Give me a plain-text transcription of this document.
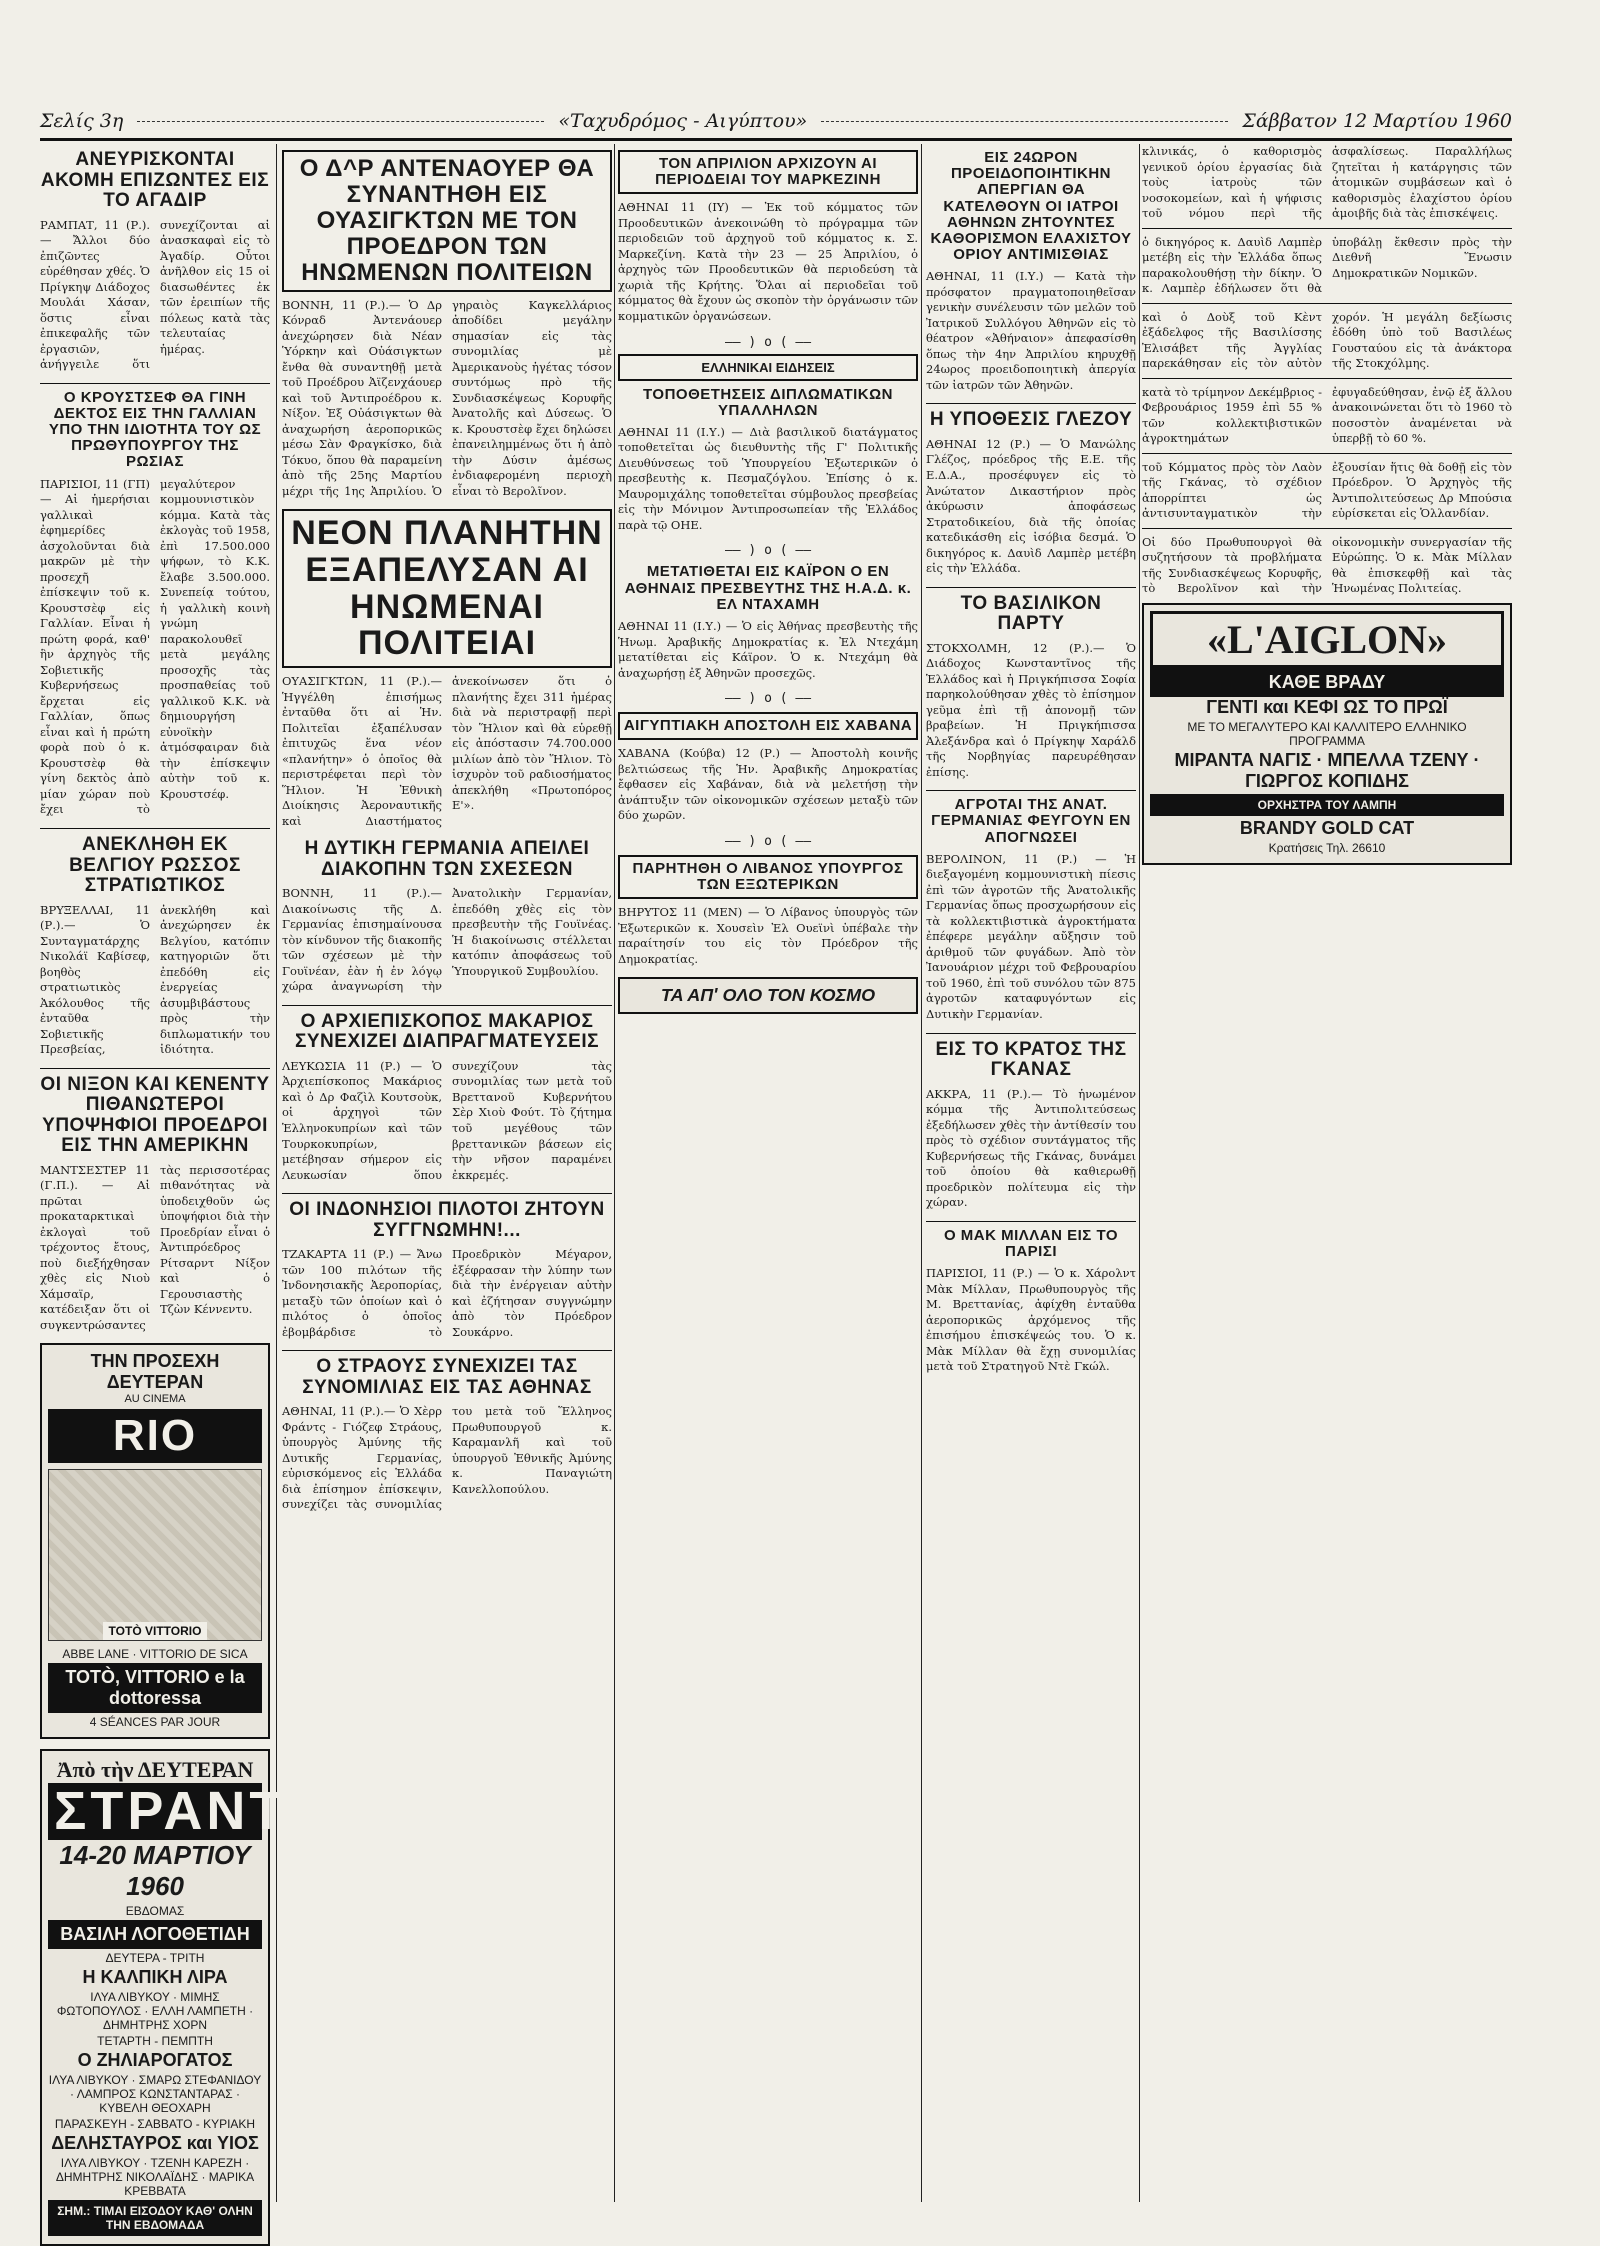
Σελίς 3η	«Ταχυδρόμος - Αιγύπτου»	Σάββατον 12 Μαρτίου 1960
ΑΝΕΥΡΙΣΚΟΝΤΑΙ ΑΚΟΜΗ ΕΠΙΖΩΝΤΕΣ ΕΙΣ ΤΟ ΑΓΑΔΙΡ

ΡΑΜΠΑΤ, 11 (Ρ.).— Ἄλλοι δύο ἐπιζῶντες εὑρέθησαν χθές. Ὁ Πρίγκηψ Διάδοχος Μουλάι Χάσαν, ὅστις εἶναι ἐπικεφαλῆς τῶν ἐργασιῶν, ἀνήγγειλε ὅτι συνεχίζονται αἱ ἀνασκαφαὶ εἰς τὸ Ἀγαδίρ. Οὗτοι ἀνῆλθον εἰς 15 οἱ διασωθέντες ἐκ τῶν ἐρειπίων τῆς πόλεως κατὰ τὰς τελευταίας ἡμέρας.

Ο ΚΡΟΥΣΤΣΕΦ ΘΑ ΓΙΝΗ ΔΕΚΤΟΣ ΕΙΣ ΤΗΝ ΓΑΛΛΙΑΝ ΥΠΟ ΤΗΝ ΙΔΙΟΤΗΤΑ ΤΟΥ ΩΣ ΠΡΩΘΥΠΟΥΡΓΟΥ ΤΗΣ ΡΩΣΙΑΣ

ΠΑΡΙΣΙΟΙ, 11 (ΓΠ) — Αἱ ἡμερήσιαι γαλλικαὶ ἐφημερίδες ἀσχολοῦνται διὰ μακρῶν μὲ τὴν προσεχῆ ἐπίσκεψιν τοῦ κ. Κρουστσὲφ εἰς Γαλλίαν. Εἶναι ἡ πρώτη φορά, καθ' ἣν ἀρχηγὸς τῆς Σοβιετικῆς Κυβερνήσεως ἔρχεται εἰς Γαλλίαν, ὅπως εἶναι καὶ ἡ πρώτη φορὰ ποὺ ὁ κ. Κρουστσὲφ θὰ γίνη δεκτὸς ἀπὸ μίαν χώραν ποὺ ἔχει τὸ μεγαλύτερον κομμουνιστικὸν κόμμα. Κατὰ τὰς ἐκλογὰς τοῦ 1958, ἐπὶ 17.500.000 ψήφων, τὸ Κ.Κ. ἔλαβε 3.500.000. Συνεπείᾳ τούτου, ἡ γαλλικὴ κοινὴ γνώμη παρακολουθεῖ μετὰ μεγάλης προσοχῆς τὰς προσπαθείας τοῦ γαλλικοῦ Κ.Κ. νὰ δημιουργήση εὐνοϊκὴν ἀτμόσφαιραν διὰ τὴν ἐπίσκεψιν αὐτὴν τοῦ κ. Κρουστσέφ.

ΑΝΕΚΛΗΘΗ ΕΚ ΒΕΛΓΙΟΥ ΡΩΣΣΟΣ ΣΤΡΑΤΙΩΤΙΚΟΣ

ΒΡΥΞΕΛΛΑΙ, 11 (Ρ.).— Ὁ Συνταγματάρχης Νικολάϊ Καβίσεφ, βοηθὸς στρατιωτικὸς Ἀκόλουθος τῆς ἐνταῦθα Σοβιετικῆς Πρεσβείας, ἀνεκλήθη καὶ ἀνεχώρησεν ἐκ Βελγίου, κατόπιν κατηγοριῶν ὅτι ἐπεδόθη εἰς ἐνεργείας ἀσυμβιβάστους πρὸς τὴν διπλωματικήν του ἰδιότητα.

ΟΙ ΝΙΞΟΝ ΚΑΙ ΚΕΝΕΝΤΥ ΠΙΘΑΝΩΤΕΡΟΙ ΥΠΟΨΗΦΙΟΙ ΠΡΟΕΔΡΟΙ ΕΙΣ ΤΗΝ ΑΜΕΡΙΚΗΝ

ΜΑΝΤΣΕΣΤΕΡ 11 (Γ.Π.). — Αἱ πρῶται προκαταρκτικαὶ ἐκλογαὶ τοῦ τρέχοντος ἔτους, ποὺ διεξήχθησαν χθὲς εἰς Νιοὺ Χάμσαϊρ, κατέδειξαν ὅτι οἱ συγκεντρώσαντες τὰς περισσοτέρας πιθανότητας νὰ ὑποδειχθοῦν ὡς ὑποψήφιοι διὰ τὴν Προεδρίαν εἶναι ὁ Ἀντιπρόεδρος Ρίτσαρντ Νίξον καὶ ὁ Γερουσιαστὴς Τζὼν Κέννεντυ.

ΤΗΝ ΠΡΟΣΕΧΗ ΔΕΥΤΕΡΑΝ
AU CINEMA
RIO
TOTÒ VITTORIO
ABBE LANE · VITTORIO DE SICA
TOTÒ, VITTORIO e la dottoressa
4 SÉANCES PAR JOUR
Ἀπὸ τὴν ΔΕΥΤΕΡΑΝ
ΣΤΡΑΝΤ
14-20 ΜΑΡΤΙΟΥ 1960
ΕΒΔΟΜΑΣ
ΒΑΣΙΛΗ ΛΟΓΟΘΕΤΙΔΗ
ΔΕΥΤΕΡΑ - ΤΡΙΤΗ
Η ΚΑΛΠΙΚΗ ΛΙΡΑ
ΙΛΥΑ ΛΙΒΥΚΟΥ · ΜΙΜΗΣ ΦΩΤΟΠΟΥΛΟΣ · ΕΛΛΗ ΛΑΜΠΕΤΗ · ΔΗΜΗΤΡΗΣ ΧΟΡΝ
ΤΕΤΑΡΤΗ - ΠΕΜΠΤΗ
Ο ΖΗΛΙΑΡΟΓΑΤΟΣ
ΙΛΥΑ ΛΙΒΥΚΟΥ · ΣΜΑΡΩ ΣΤΕΦΑΝΙΔΟΥ · ΛΑΜΠΡΟΣ ΚΩΝΣΤΑΝΤΑΡΑΣ · ΚΥΒΕΛΗ ΘΕΟΧΑΡΗ
ΠΑΡΑΣΚΕΥΗ - ΣΑΒΒΑΤΟ - ΚΥΡΙΑΚΗ
ΔΕΛΗΣΤΑΥΡΟΣ και ΥΙΟΣ
ΙΛΥΑ ΛΙΒΥΚΟΥ · ΤΖΕΝΗ ΚΑΡΕΖΗ · ΔΗΜΗΤΡΗΣ ΝΙΚΟΛΑΪΔΗΣ · ΜΑΡΙΚΑ ΚΡΕΒΒΑΤΑ
ΣΗΜ.: ΤΙΜΑΙ ΕΙΣΟΔΟΥ ΚΑΘ' ΟΛΗΝ ΤΗΝ ΕΒΔΟΜΑΔΑ
Ο Δ^Ρ ΑΝΤΕΝΑΟΥΕΡ ΘΑ ΣΥΝΑΝΤΗΘΗ ΕΙΣ ΟΥΑΣΙΓΚΤΩΝ ΜΕ ΤΟΝ ΠΡΟΕΔΡΟΝ ΤΩΝ ΗΝΩΜΕΝΩΝ ΠΟΛΙΤΕΙΩΝ

ΒΟΝΝΗ, 11 (Ρ.).— Ὁ Δρ Κόνραδ Ἀντενάουερ ἀνεχώρησεν διὰ Νέαν Ὑόρκην καὶ Οὐάσιγκτων ἔνθα θὰ συναντηθῇ μετὰ τοῦ Προέδρου Ἀϊζενχάουερ καὶ τοῦ Ἀντιπροέδρου κ. Νίξον. Ἐξ Οὐάσιγκτων θὰ ἀναχωρήση ἀεροπορικῶς μέσω Σὰν Φραγκίσκο, διὰ Τόκυο, ὅπου θὰ παραμείνη ἀπὸ τῆς 25ης Μαρτίου μέχρι τῆς 1ης Ἀπριλίου. Ὁ γηραιὸς Καγκελλάριος ἀποδίδει μεγάλην σημασίαν εἰς τὰς συνομιλίας μὲ Ἀμερικανοὺς ἡγέτας τόσον συντόμως πρὸ τῆς Συνδιασκέψεως Κορυφῆς Ἀνατολῆς καὶ Δύσεως. Ὁ κ. Κρουστσὲφ ἔχει δηλώσει ἐπανειλημμένως ὅτι ἡ ἀπὸ τὴν Δύσιν ἀμέσως ἐνδιαφερομένη περιοχὴ εἶναι τὸ Βερολῖνον.

ΝΕΟΝ ΠΛΑΝΗΤΗΝ ΕΞΑΠΕΛΥΣΑΝ ΑΙ ΗΝΩΜΕΝΑΙ ΠΟΛΙΤΕΙΑΙ

ΟΥΑΣΙΓΚΤΩΝ, 11 (Ρ.).— Ἡγγέλθη ἐπισήμως ἐνταῦθα ὅτι αἱ Ἡν. Πολιτεῖαι ἐξαπέλυσαν ἐπιτυχῶς ἕνα νέον «πλανήτην» ὁ ὁποῖος θὰ περιστρέφεται περὶ τὸν Ἥλιον. Ἡ Ἐθνικὴ Διοίκησις Ἀεροναυτικῆς καὶ Διαστήματος ἀνεκοίνωσεν ὅτι ὁ πλανήτης ἔχει 311 ἡμέρας διὰ νὰ περιστραφῇ περὶ τὸν Ἥλιον καὶ θὰ εὑρεθῇ εἰς ἀπόστασιν 74.700.000 μιλίων ἀπὸ τὸν Ἥλιον. Τὸ ἰσχυρὸν τοῦ ραδιοσήματος ἀπεκλήθη «Πρωτοπόρος Ε'».

Η ΔΥΤΙΚΗ ΓΕΡΜΑΝΙΑ ΑΠΕΙΛΕΙ ΔΙΑΚΟΠΗΝ ΤΩΝ ΣΧΕΣΕΩΝ

ΒΟΝΝΗ, 11 (Ρ.).— Διακοίνωσις τῆς Δ. Γερμανίας ἐπισημαίνουσα τὸν κίνδυνον τῆς διακοπῆς τῶν σχέσεων μὲ τὴν Γουϊνέαν, ἐὰν ἡ ἐν λόγῳ χώρα ἀναγνωρίση τὴν Ἀνατολικὴν Γερμανίαν, ἐπεδόθη χθὲς εἰς τὸν πρεσβευτὴν τῆς Γουϊνέας. Ἡ διακοίνωσις στέλλεται κατόπιν ἀποφάσεως τοῦ Ὑπουργικοῦ Συμβουλίου.

Ο ΑΡΧΙΕΠΙΣΚΟΠΟΣ ΜΑΚΑΡΙΟΣ ΣΥΝΕΧΙΖΕΙ ΔΙΑΠΡΑΓΜΑΤΕΥΣΕΙΣ

ΛΕΥΚΩΣΙΑ 11 (Ρ.) — Ὁ Ἀρχιεπίσκοπος Μακάριος καὶ ὁ Δρ Φαζὶλ Κουτσοὺκ, οἱ ἀρχηγοὶ τῶν Ἑλληνοκυπρίων καὶ τῶν Τουρκοκυπρίων, μετέβησαν σήμερον εἰς Λευκωσίαν ὅπου συνεχίζουν τὰς συνομιλίας των μετὰ τοῦ Βρεττανοῦ Κυβερνήτου Σὲρ Χιοὺ Φούτ. Τὸ ζήτημα τοῦ μεγέθους τῶν βρεττανικῶν βάσεων εἰς τὴν νῆσον παραμένει ἐκκρεμές.

ΟΙ ΙΝΔΟΝΗΣΙΟΙ ΠΙΛΟΤΟΙ ΖΗΤΟΥΝ ΣΥΓΓΝΩΜΗΝ!...

ΤΖΑΚΑΡΤΑ 11 (Ρ.) — Ἄνω τῶν 100 πιλότων τῆς Ἰνδονησιακῆς Ἀεροπορίας, μεταξὺ τῶν ὁποίων καὶ ὁ πιλότος ὁ ὁποῖος ἐβομβάρδισε τὸ Προεδρικὸν Μέγαρον, ἐξέφρασαν τὴν λύπην των διὰ τὴν ἐνέργειαν αὐτὴν καὶ ἐζήτησαν συγγνώμην ἀπὸ τὸν Πρόεδρον Σουκάρνο.

Ο ΣΤΡΑΟΥΣ ΣΥΝΕΧΙΖΕΙ ΤΑΣ ΣΥΝΟΜΙΛΙΑΣ ΕΙΣ ΤΑΣ ΑΘΗΝΑΣ

ΑΘΗΝΑΙ, 11 (Ρ.).— Ὁ Χὲρρ Φράντς - Γιόζεφ Στράους, ὑπουργὸς Ἀμύνης τῆς Δυτικῆς Γερμανίας, εὐρισκόμενος εἰς Ἑλλάδα διὰ ἐπίσημον ἐπίσκεψιν, συνεχίζει τὰς συνομιλίας του μετὰ τοῦ Ἕλληνος Πρωθυπουργοῦ κ. Καραμανλῆ καὶ τοῦ ὑπουργοῦ Ἐθνικῆς Ἀμύνης κ. Παναγιώτη Κανελλοπούλου.

ΤΟΝ ΑΠΡΙΛΙΟΝ ΑΡΧΙΖΟΥΝ ΑΙ ΠΕΡΙΟΔΕΙΑΙ ΤΟΥ ΜΑΡΚΕΖΙΝΗ

ΑΘΗΝΑΙ 11 (ΙΥ) — Ἐκ τοῦ κόμματος τῶν Προοδευτικῶν ἀνεκοινώθη τὸ πρόγραμμα τῶν περιοδειῶν τοῦ ἀρχηγοῦ τοῦ κόμματος κ. Σ. Μαρκεζίνη. Κατὰ τὴν 23 — 25 Ἀπριλίου, ὁ ἀρχηγὸς τῶν Προοδευτικῶν θὰ περιοδεύση τὰ χωριὰ τῆς Κρήτης. Ὅλαι αἱ περιοδεῖαι τοῦ κόμματος θὰ ἔχουν ὡς σκοπὸν τὴν ὀργάνωσιν τῶν κομματικῶν ὀργανώσεων.

—— ) o ( ——
ΕΛΛΗΝΙΚΑΙ ΕΙΔΗΣΕΙΣ
ΤΟΠΟΘΕΤΗΣΕΙΣ ΔΙΠΛΩΜΑΤΙΚΩΝ ΥΠΑΛΛΗΛΩΝ

ΑΘΗΝΑΙ 11 (Ι.Υ.) — Διὰ βασιλικοῦ διατάγματος τοποθετεῖται ὡς διευθυντὴς τῆς Γ' Πολιτικῆς Διευθύνσεως τοῦ Ὑπουργείου Ἐξωτερικῶν ὁ πρεσβευτὴς κ. Πεσμαζόγλου. Ἐπίσης ὁ κ. Μαυρομιχάλης τοποθετεῖται σύμβουλος πρεσβείας εἰς τὴν Μόνιμον Ἀντιπροσωπείαν τῆς Ἑλλάδος παρὰ τῷ ΟΗΕ.

—— ) o ( ——
ΜΕΤΑΤΙΘΕΤΑΙ ΕΙΣ ΚΑΪΡΟΝ Ο ΕΝ ΑΘΗΝΑΙΣ ΠΡΕΣΒΕΥΤΗΣ ΤΗΣ Η.Α.Δ. κ. ΕΛ ΝΤΑΧΑΜΗ

ΑΘΗΝΑΙ 11 (Ι.Υ.) — Ὁ εἰς Ἀθήνας πρεσβευτὴς τῆς Ἡνωμ. Ἀραβικῆς Δημοκρατίας κ. Ἐλ Ντεχάμη μετατίθεται εἰς Κάϊρον. Ὁ κ. Ντεχάμη θὰ ἀναχωρήσῃ ἐξ Ἀθηνῶν προσεχῶς.

—— ) o ( ——
ΑΙΓΥΠΤΙΑΚΗ ΑΠΟΣΤΟΛΗ ΕΙΣ ΧΑΒΑΝΑ

ΧΑΒΑΝΑ (Κούβα) 12 (Ρ.) — Ἀποστολὴ κοινῆς βελτιώσεως τῆς Ἡν. Ἀραβικῆς Δημοκρατίας ἔφθασεν εἰς Χαβάναν, διὰ νὰ μελετήσῃ τὴν ἀνάπτυξιν τῶν οἰκονομικῶν σχέσεων μεταξὺ τῶν δύο χωρῶν.

—— ) o ( ——
ΠΑΡΗΤΗΘΗ Ο ΛΙΒΑΝΟΣ ΥΠΟΥΡΓΟΣ ΤΩΝ ΕΞΩΤΕΡΙΚΩΝ

ΒΗΡΥΤΟΣ 11 (ΜΕΝ) — Ὁ Λίβανος ὑπουργὸς τῶν Ἐξωτερικῶν κ. Χουσεὶν Ἐλ Ουεϊνὶ ὑπέβαλε τὴν παραίτησίν του εἰς τὸν Πρόεδρον τῆς Δημοκρατίας.

ΤΑ ΑΠ' ΟΛΟ ΤΟΝ ΚΟΣΜΟ
ΕΙΣ 24ΩΡΟΝ ΠΡΟΕΙΔΟΠΟΙΗΤΙΚΗΝ ΑΠΕΡΓΙΑΝ ΘΑ ΚΑΤΕΛΘΟΥΝ ΟΙ ΙΑΤΡΟΙ ΑΘΗΝΩΝ ΖΗΤΟΥΝΤΕΣ ΚΑΘΟΡΙΣΜΟΝ ΕΛΑΧΙΣΤΟΥ ΟΡΙΟΥ ΑΝΤΙΜΙΣΘΙΑΣ

ΑΘΗΝΑΙ, 11 (Ι.Υ.) — Κατὰ τὴν πρόσφατον πραγματοποιηθεῖσαν γενικὴν συνέλευσιν τῶν μελῶν τοῦ Ἰατρικοῦ Συλλόγου Ἀθηνῶν εἰς τὸ θέατρον «Ἀθήναιον» ἀπεφασίσθη ὅπως τὴν 4ην Ἀπριλίου κηρυχθῇ 24ωρος προειδοποιητικὴ ἀπεργία τῶν ἰατρῶν τῶν Ἀθηνῶν.

Η ΥΠΟΘΕΣΙΣ ΓΛΕΖΟΥ

ΑΘΗΝΑΙ 12 (Ρ.) — Ὁ Μανώλης Γλέζος, πρόεδρος τῆς Ε.Ε. τῆς Ε.Δ.Α., προσέφυγεν εἰς τὸ Ἀνώτατον Δικαστήριον πρὸς ἀκύρωσιν ἀποφάσεως Στρατοδικείου, διὰ τῆς ὁποίας κατεδικάσθη εἰς ἰσόβια δεσμά. Ὁ δικηγόρος κ. Δαυὶδ Λαμπὲρ μετέβη εἰς τὴν Ἑλλάδα.

ΤΟ ΒΑΣΙΛΙΚΟΝ ΠΑΡΤΥ

ΣΤΟΚΧΟΛΜΗ, 12 (Ρ.).— Ὁ Διάδοχος Κωνσταντῖνος τῆς Ἑλλάδος καὶ ἡ Πριγκήπισσα Σοφία παρηκολούθησαν χθὲς τὸ ἐπίσημον γεῦμα ἐπὶ τῇ ἀπονομῇ τῶν βραβείων. Ἡ Πριγκήπισσα Ἀλεξάνδρα καὶ ὁ Πρίγκηψ Χαράλδ τῆς Νορβηγίας παρευρέθησαν ἐπίσης.

ΑΓΡΟΤΑΙ ΤΗΣ ΑΝΑΤ. ΓΕΡΜΑΝΙΑΣ ΦΕΥΓΟΥΝ ΕΝ ΑΠΟΓΝΩΣΕΙ

ΒΕΡΟΛΙΝΟΝ, 11 (Ρ.) — Ἡ διεξαγομένη κομμουνιστικὴ πίεσις ἐπὶ τῶν ἀγροτῶν τῆς Ἀνατολικῆς Γερμανίας ὅπως προσχωρήσουν εἰς τὰ κολλεκτιβιστικὰ ἀγροκτήματα ἐπέφερε μεγάλην αὔξησιν τοῦ ἀριθμοῦ τῶν φυγάδων. Ἀπὸ τὸν Ἰανουάριον μέχρι τοῦ Φεβρουαρίου τοῦ 1960, ἐπὶ τοῦ συνόλου τῶν 875 ἀγροτῶν καταφυγόντων εἰς Δυτικὴν Γερμανίαν.

ΕΙΣ ΤΟ ΚΡΑΤΟΣ ΤΗΣ ΓΚΑΝΑΣ

ΑΚΚΡΑ, 11 (Ρ.).— Τὸ ἡνωμένον κόμμα τῆς Ἀντιπολιτεύσεως ἐξεδήλωσεν χθὲς τὴν ἀντίθεσίν του πρὸς τὸ σχέδιον συντάγματος τῆς Κυβερνήσεως τῆς Γκάνας, δυνάμει τοῦ ὁποίου θὰ καθιερωθῇ προεδρικὸν πολίτευμα εἰς τὴν χώραν.

Ο ΜΑΚ ΜΙΛΛΑΝ ΕΙΣ ΤΟ ΠΑΡΙΣΙ

ΠΑΡΙΣΙΟΙ, 11 (Ρ.) — Ὁ κ. Χάρολντ Μὰκ Μίλλαν, Πρωθυπουργὸς τῆς Μ. Βρεττανίας, ἀφίχθη ἐνταῦθα ἀεροπορικῶς ἀρχόμενος τῆς ἐπισήμου ἐπισκέψεώς του. Ὁ κ. Μὰκ Μίλλαν θὰ ἔχῃ συνομιλίας μετὰ τοῦ Στρατηγοῦ Ντὲ Γκώλ.

κλινικάς, ὁ καθορισμὸς γενικοῦ ὁρίου ἐργασίας διὰ τοὺς ἰατροὺς τῶν νοσοκομείων, καὶ ἡ ψήφισις τοῦ νόμου περὶ τῆς ἀσφαλίσεως. Παραλλήλως ζητεῖται ἡ κατάργησις τῶν ἀτομικῶν συμβάσεων καὶ ὁ καθορισμὸς ἐλαχίστου ὁρίου ἀμοιβῆς διὰ τὰς ἐπισκέψεις.

ὁ δικηγόρος κ. Δαυὶδ Λαμπὲρ μετέβη εἰς τὴν Ἑλλάδα ὅπως παρακολουθήσῃ τὴν δίκην. Ὁ κ. Λαμπὲρ ἐδήλωσεν ὅτι θὰ ὑποβάλῃ ἔκθεσιν πρὸς τὴν Διεθνῆ Ἕνωσιν Δημοκρατικῶν Νομικῶν.

καὶ ὁ Δοὺξ τοῦ Κὲντ ἐξάδελφος τῆς Βασιλίσσης Ἐλισάβετ τῆς Ἀγγλίας παρεκάθησαν εἰς τὸν αὐτὸν χορόν. Ἡ μεγάλη δεξίωσις ἐδόθη ὑπὸ τοῦ Βασιλέως Γουσταύου εἰς τὰ ἀνάκτορα τῆς Στοκχόλμης.

κατὰ τὸ τρίμηνον Δεκέμβριος - Φεβρουάριος 1959 ἐπὶ 55 % τῶν κολλεκτιβιστικῶν ἀγροκτημάτων ἐφυγαδεύθησαν, ἐνῷ ἐξ ἄλλου ἀνακοινώνεται ὅτι τὸ 1960 τὸ ποσοστὸν ἀναμένεται νὰ ὑπερβῇ τὸ 60 %.

τοῦ Κόμματος πρὸς τὸν Λαὸν τῆς Γκάνας, τὸ σχέδιον ἀπορρίπτει ὡς ἀντισυνταγματικὸν τὴν ἐξουσίαν ἥτις θὰ δοθῇ εἰς τὸν Πρόεδρον. Ὁ Ἀρχηγὸς τῆς Ἀντιπολιτεύσεως Δρ Μπούσια εὑρίσκεται εἰς Ὁλλανδίαν.

Οἱ δύο Πρωθυπουργοὶ θὰ συζητήσουν τὰ προβλήματα τῆς Συνδιασκέψεως Κορυφῆς, τὸ Βερολῖνον καὶ τὴν οἰκονομικὴν συνεργασίαν τῆς Εὐρώπης. Ὁ κ. Μὰκ Μίλλαν θὰ ἐπισκεφθῇ καὶ τὰς Ἡνωμένας Πολιτείας.

«L'AIGLON»
ΚΑΘΕ ΒΡΑΔΥ
ΓΕΝΤΙ και ΚΕΦΙ ΩΣ ΤΟ ΠΡΩΪ
ΜΕ ΤΟ ΜΕΓΑΛΥΤΕΡΟ ΚΑΙ ΚΑΛΛΙΤΕΡΟ ΕΛΛΗΝΙΚΟ ΠΡΟΓΡΑΜΜΑ
ΜΙΡΑΝΤΑ ΝΑΓΙΣ · ΜΠΕΛΛΑ ΤΖΕΝΥ · ΓΙΩΡΓΟΣ ΚΟΠΙΔΗΣ
ΟΡΧΗΣΤΡΑ ΤΟΥ ΛΑΜΠΗ
BRANDY GOLD CAT
Κρατήσεις Τηλ. 26610
